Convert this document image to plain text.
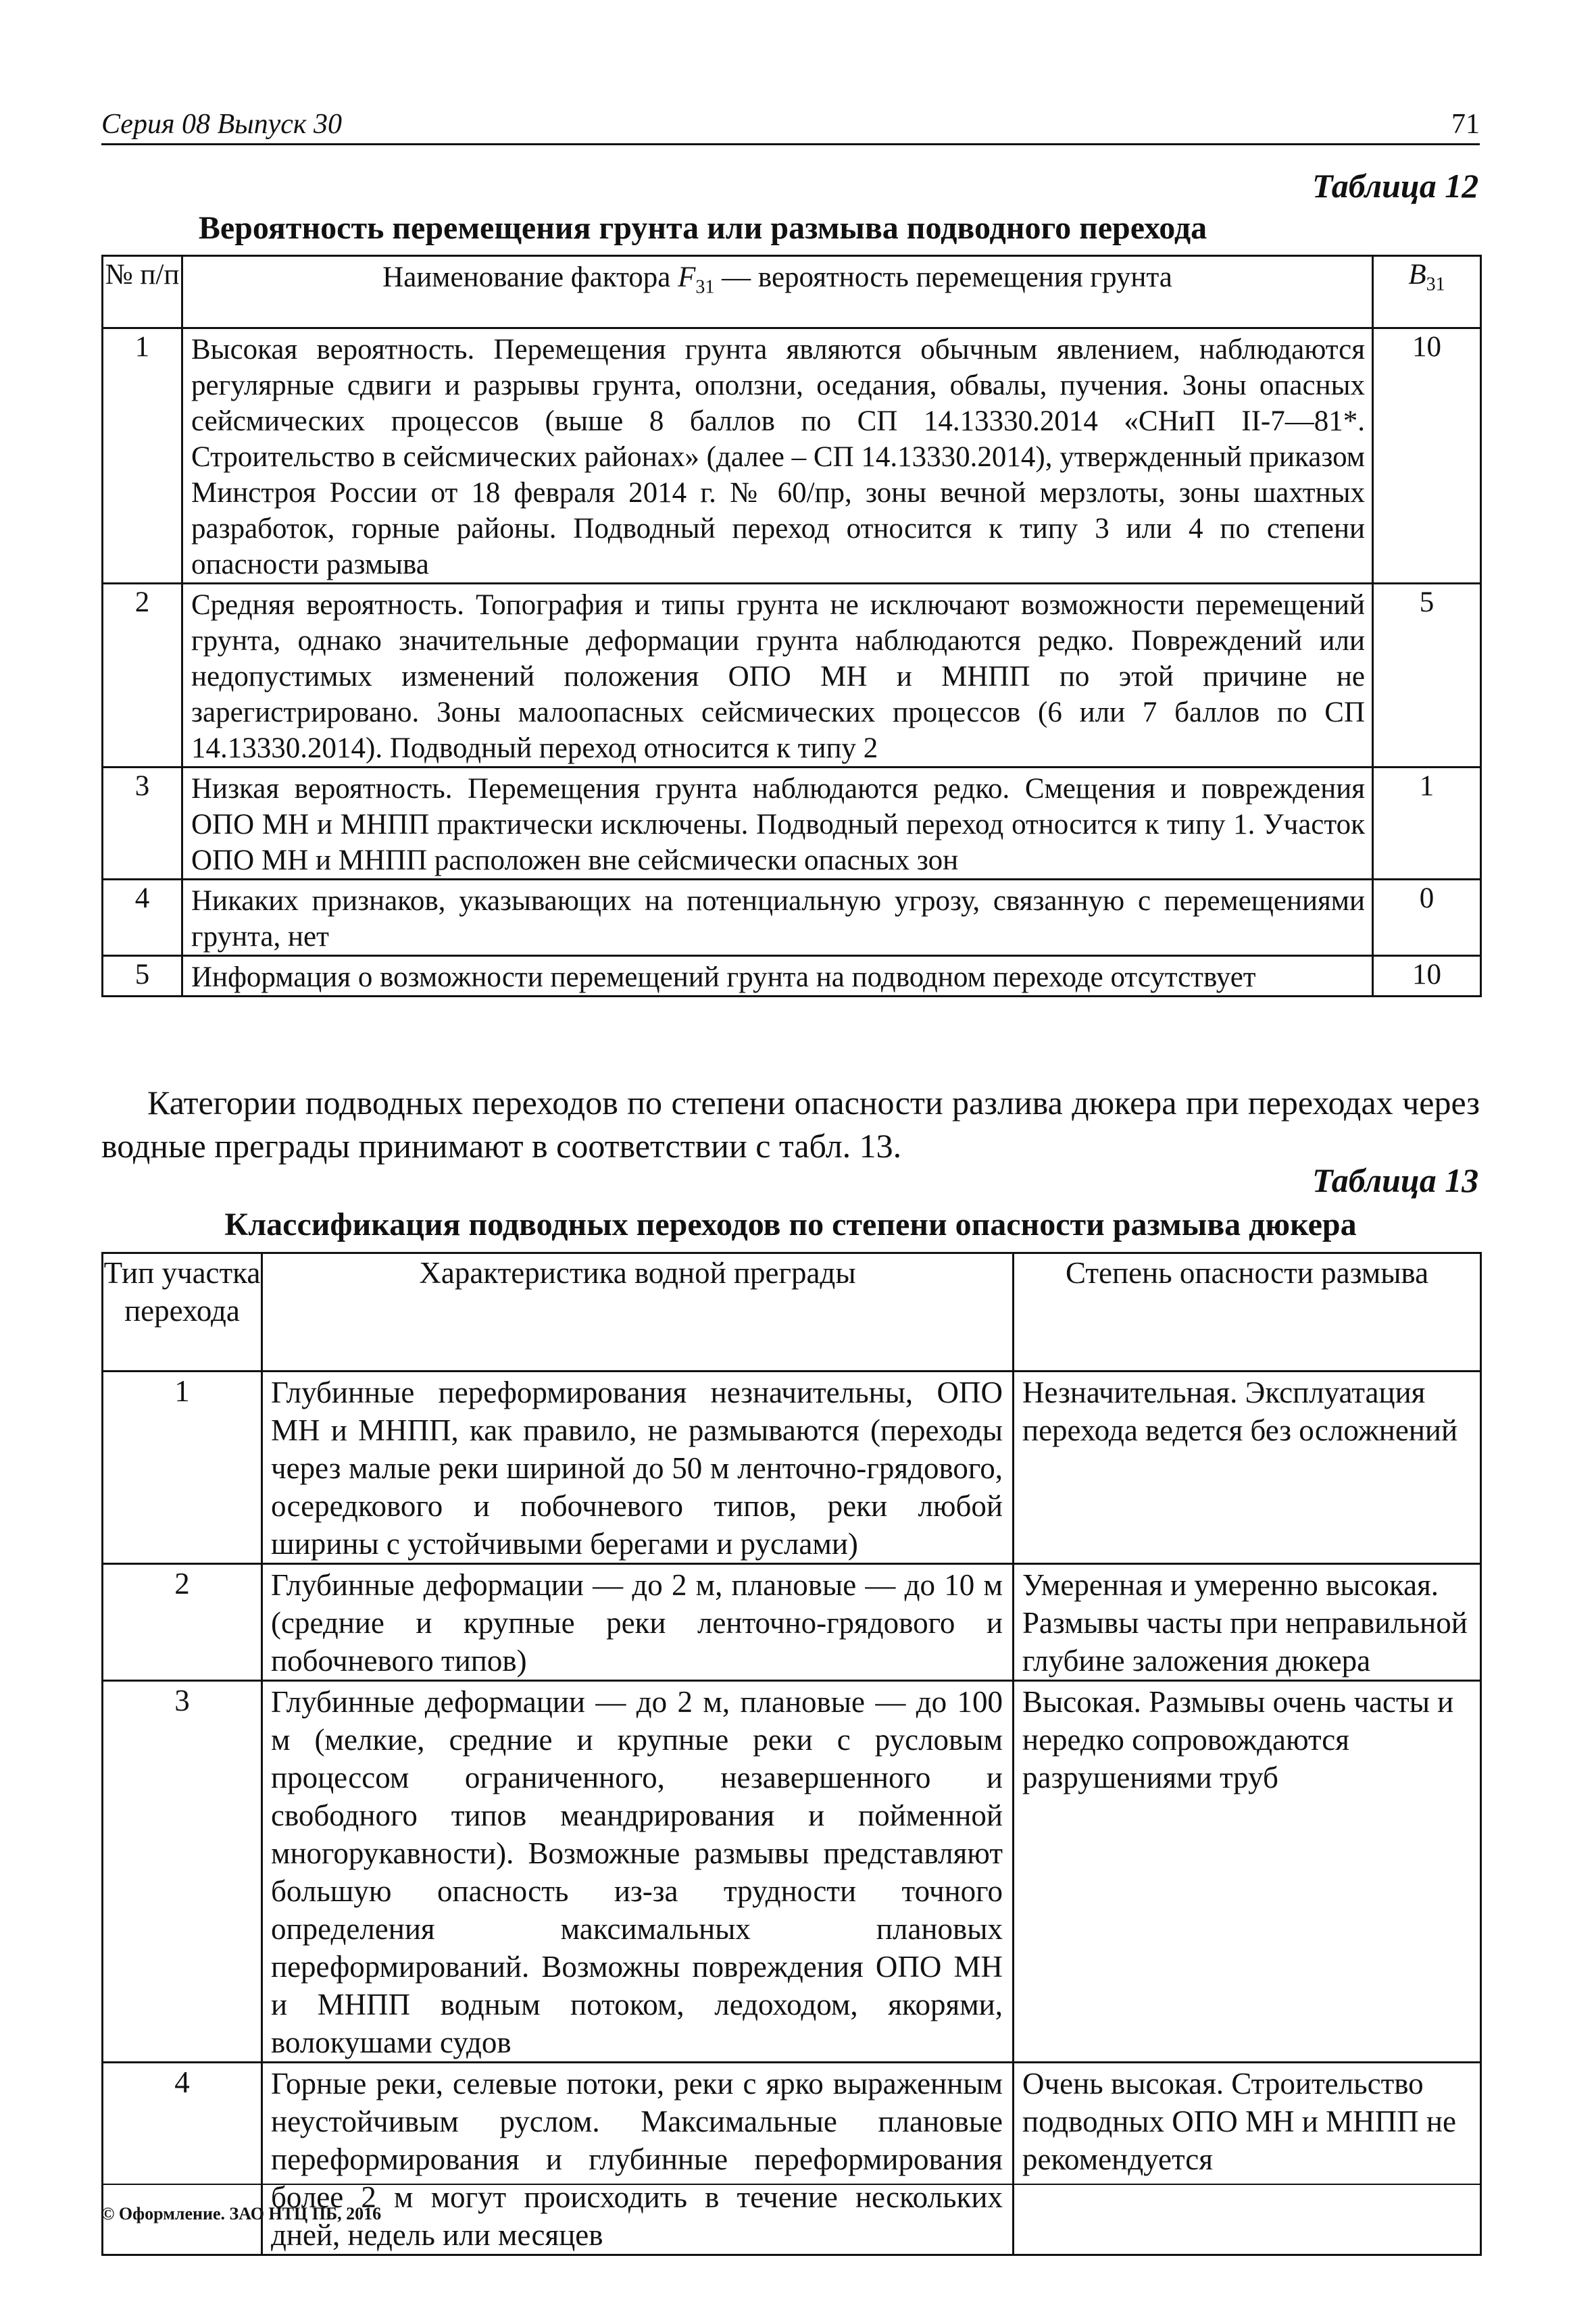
Серия 08 Выпуск 30	71
Таблица 12
Вероятность перемещения грунта или размыва подводного перехода
№ п/п	Наименование фактора $F_{31}$ — вероятность перемещения грунта	$B_{31}$
1	Высокая вероятность. Перемещения грунта являются обычным явлением, наблюдаются регулярные сдвиги и разрывы грунта, оползни, оседания, обвалы, пучения. Зоны опасных сейсмических процессов (выше 8 баллов по СП 14.13330.2014 «СНиП II-7—81*. Строительство в сейсмических районах» (далее – СП 14.13330.2014), утвержденный приказом Минстроя России от 18 февраля 2014 г. № 60/пр, зоны вечной мерзлоты, зоны шахтных разработок, горные районы. Подводный переход относится к типу 3 или 4 по степени опасности размыва	10
2	Средняя вероятность. Топография и типы грунта не исключают возможности перемещений грунта, однако значительные деформации грунта наблюдаются редко. Повреждений или недопустимых изменений положения ОПО МН и МНПП по этой причине не зарегистрировано. Зоны малоопасных сейсмических процессов (6 или 7 баллов по СП 14.13330.2014). Подводный переход относится к типу 2	5
3	Низкая вероятность. Перемещения грунта наблюдаются редко. Смещения и повреждения ОПО МН и МНПП практически исключены. Подводный переход относится к типу 1. Участок ОПО МН и МНПП расположен вне сейсмически опасных зон	1
4	Никаких признаков, указывающих на потенциальную угрозу, связанную с перемещениями грунта, нет	0
5	Информация о возможности перемещений грунта на подводном переходе отсутствует	10
Категории подводных переходов по степени опасности разлива дюкера при переходах через водные преграды принимают в соответствии с табл. 13.
Таблица 13
Классификация подводных переходов по степени опасности размыва дюкера
Тип участка перехода	Характеристика водной преграды	Степень опасности размыва
1	Глубинные переформирования незначительны, ОПО МН и МНПП, как правило, не размываются (переходы через малые реки шириной до 50 м ленточно-грядового, осередкового и побочневого типов, реки любой ширины с устойчивыми берегами и руслами)	Незначительная. Эксплуатация перехода ведется без осложнений
2	Глубинные деформации — до 2 м, плановые — до 10 м (средние и крупные реки ленточно-грядового и побочневого типов)	Умеренная и умеренно высокая. Размывы часты при неправильной глубине заложения дюкера
3	Глубинные деформации — до 2 м, плановые — до 100 м (мелкие, средние и крупные реки с русловым процессом ограниченного, незавершенного и свободного типов меандрирования и пойменной многорукавности). Возможные размывы представляют большую опасность из-за трудности точного определения максимальных плановых переформирований. Возможны повреждения ОПО МН и МНПП водным потоком, ледоходом, якорями, волокушами судов	Высокая. Размывы очень часты и нередко сопровождаются разрушениями труб
4	Горные реки, селевые потоки, реки с ярко выраженным неустойчивым руслом. Максимальные плановые переформирования и глубинные переформирования более 2 м могут происходить в течение нескольких дней, недель или месяцев	Очень высокая. Строительство подводных ОПО МН и МНПП не рекомендуется
© Оформление. ЗАО НТЦ ПБ, 2016
